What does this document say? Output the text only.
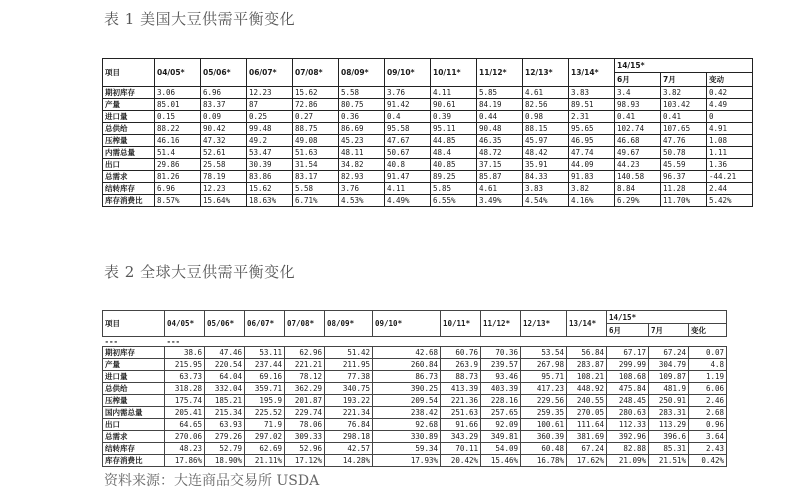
表 1 美国大豆供需平衡变化
项目	04/05*	05/06*	06/07*	07/08*	08/09*	09/10*	10/11*	11/12*	12/13*	13/14*	14/15*		
											6月	7月	变动
期初库存	3.06	6.96	12.23	15.62	5.58	3.76	4.11	5.85	4.61	3.83	3.4	3.82	0.42
产量	85.01	83.37	87	72.86	80.75	91.42	90.61	84.19	82.56	89.51	98.93	103.42	4.49
进口量	0.15	0.09	0.25	0.27	0.36	0.4	0.39	0.44	0.98	2.31	0.41	0.41	0
总供给	88.22	90.42	99.48	88.75	86.69	95.58	95.11	90.48	88.15	95.65	102.74	107.65	4.91
压榨量	46.16	47.32	49.2	49.08	45.23	47.67	44.85	46.35	45.97	46.95	46.68	47.76	1.08
内需总量	51.4	52.61	53.47	51.63	48.11	50.67	48.4	48.72	48.42	47.74	49.67	50.78	1.11
出口	29.86	25.58	30.39	31.54	34.82	40.8	40.85	37.15	35.91	44.09	44.23	45.59	1.36
总需求	81.26	78.19	83.86	83.17	82.93	91.47	89.25	85.87	84.33	91.83	140.58	96.37	-44.21
结转库存	6.96	12.23	15.62	5.58	3.76	4.11	5.85	4.61	3.83	3.82	8.84	11.28	2.44
库存消费比	8.57%	15.64%	18.63%	6.71%	4.53%	4.49%	6.55%	3.49%	4.54%	4.16%	6.29%	11.70%	5.42%
表 2 全球大豆供需平衡变化
项目	04/05*	05/06*	06/07*	07/08*	08/09*	09/10*	10/11*	11/12*	12/13*	13/14*	14/15*		
											6月	7月	变化
---	---												
期初库存	38.6	47.46	53.11	62.96	51.42	42.68	60.76	70.36	53.54	56.84	67.17	67.24	0.07
产量	215.95	220.54	237.44	221.21	211.95	260.84	263.9	239.57	267.98	283.87	299.99	304.79	4.8
进口量	63.73	64.04	69.16	78.12	77.38	86.73	88.73	93.46	95.71	108.21	108.68	109.87	1.19
总供给	318.28	332.04	359.71	362.29	340.75	390.25	413.39	403.39	417.23	448.92	475.84	481.9	6.06
压榨量	175.74	185.21	195.9	201.87	193.22	209.54	221.36	228.16	229.56	240.55	248.45	250.91	2.46
国内需总量	205.41	215.34	225.52	229.74	221.34	238.42	251.63	257.65	259.35	270.05	280.63	283.31	2.68
出口	64.65	63.93	71.9	78.06	76.84	92.68	91.66	92.09	100.61	111.64	112.33	113.29	0.96
总需求	270.06	279.26	297.02	309.33	298.18	330.89	343.29	349.81	360.39	381.69	392.96	396.6	3.64
结转库存	48.23	52.79	62.69	52.96	42.57	59.34	70.11	54.09	60.48	67.24	82.88	85.31	2.43
库存消费比	17.86%	18.90%	21.11%	17.12%	14.28%	17.93%	20.42%	15.46%	16.78%	17.62%	21.09%	21.51%	0.42%
资料来源：大连商品交易所 USDA
